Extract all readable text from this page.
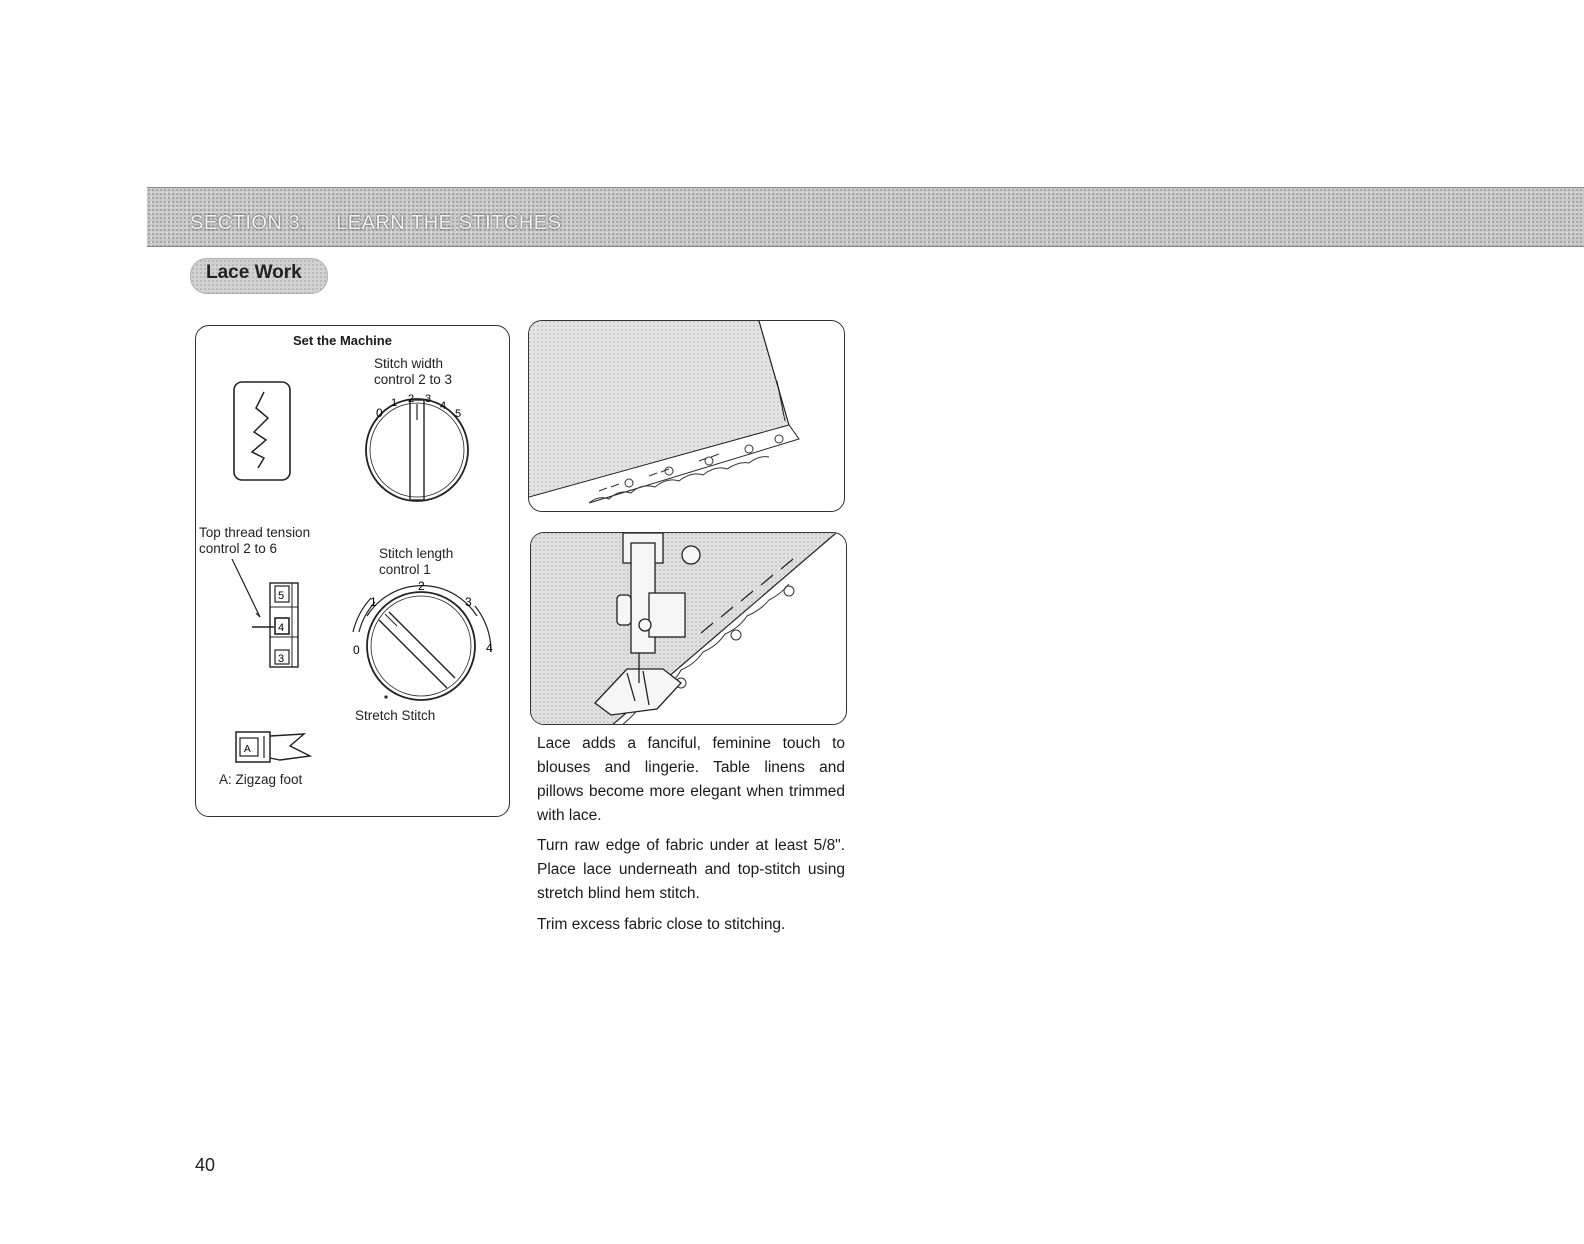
SECTION 3. LEARN THE STITCHES
Lace Work
Set the Machine
Stitch width
control 2 to 3
0
1 2 3
4
5
Top thread tension
control 2 to 6
5
4
3
Stitch length
control 1
1
2
3
0	4
Stretch Stitch
A
A: Zigzag foot
Lace adds a fanciful, feminine touch to blouses and lingerie. Table linens and pillows become more elegant when trimmed with lace.
Turn raw edge of fabric under at least 5/8". Place lace underneath and top-stitch using stretch blind hem stitch.
Trim excess fabric close to stitching.
40
